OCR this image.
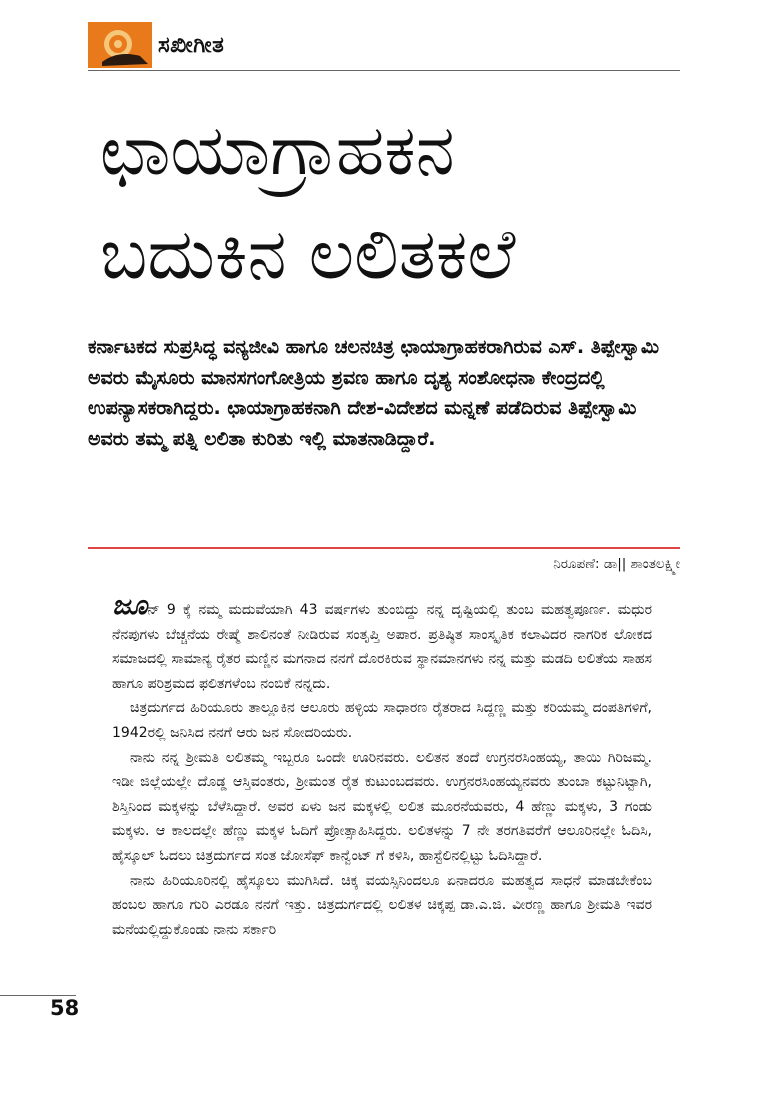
ಸಖೀಗೀತ
ಛಾಯಾಗ್ರಾಹಕನ
ಬದುಕಿನ ಲಲಿತಕಲೆ

ಕರ್ನಾಟಕದ ಸುಪ್ರಸಿದ್ಧ ವನ್ಯಜೀವಿ ಹಾಗೂ ಚಲನಚಿತ್ರ ಛಾಯಾಗ್ರಾಹಕರಾಗಿರುವ ಎಸ್. ತಿಪ್ಪೇಸ್ವಾಮಿ ಅವರು ಮೈಸೂರು ಮಾನಸಗಂಗೋತ್ರಿಯ ಶ್ರವಣ ಹಾಗೂ ದೃಶ್ಯ ಸಂಶೋಧನಾ ಕೇಂದ್ರದಲ್ಲಿ ಉಪನ್ಯಾಸಕರಾಗಿದ್ದರು. ಛಾಯಾಗ್ರಾಹಕನಾಗಿ ದೇಶ-ವಿದೇಶದ ಮನ್ನಣೆ ಪಡೆದಿರುವ ತಿಪ್ಪೇಸ್ವಾಮಿ ಅವರು ತಮ್ಮ ಪತ್ನಿ ಲಲಿತಾ ಕುರಿತು ಇಲ್ಲಿ ಮಾತನಾಡಿದ್ದಾರೆ.

ನಿರೂಪಣೆ: ಡಾ|| ಶಾಂತಲಕ್ಷ್ಮೀ

ಜೂನ್ 9 ಕ್ಕೆ ನಮ್ಮ ಮದುವೆಯಾಗಿ 43 ವರ್ಷಗಳು ತುಂಬಿದ್ದು ನನ್ನ ದೃಷ್ಟಿಯಲ್ಲಿ ತುಂಬ ಮಹತ್ವಪೂರ್ಣ. ಮಧುರ ನೆನಪುಗಳು ಬೆಚ್ಚನೆಯ ರೇಷ್ಮೆ ಶಾಲಿನಂತೆ ನೀಡಿರುವ ಸಂತೃಪ್ತಿ ಅಪಾರ. ಪ್ರತಿಷ್ಠಿತ ಸಾಂಸ್ಕೃತಿಕ ಕಲಾವಿದರ ನಾಗರಿಕ ಲೋಕದ ಸಮಾಜದಲ್ಲಿ ಸಾಮಾನ್ಯ ರೈತರ ಮಣ್ಣಿನ ಮಗನಾದ ನನಗೆ ದೊರಕಿರುವ ಸ್ಥಾನಮಾನಗಳು ನನ್ನ ಮತ್ತು ಮಡದಿ ಲಲಿತೆಯ ಸಾಹಸ ಹಾಗೂ ಪರಿಶ್ರಮದ ಫಲಿತಗಳೆಂಬ ನಂಬಿಕೆ ನನ್ನದು.

ಚಿತ್ರದುರ್ಗದ ಹಿರಿಯೂರು ತಾಲ್ಲೂಕಿನ ಆಲೂರು ಹಳ್ಳಿಯ ಸಾಧಾರಣ ರೈತರಾದ ಸಿದ್ದಣ್ಣ ಮತ್ತು ಕರಿಯಮ್ಮ ದಂಪತಿಗಳಿಗೆ, 1942ರಲ್ಲಿ ಜನಿಸಿದ ನನಗೆ ಆರು ಜನ ಸೋದರಿಯರು.

ನಾನು ನನ್ನ ಶ್ರೀಮತಿ ಲಲಿತಮ್ಮ ಇಬ್ಬರೂ ಒಂದೇ ಊರಿನವರು. ಲಲಿತನ ತಂದೆ ಉಗ್ರನರಸಿಂಹಯ್ಯ, ತಾಯಿ ಗಿರಿಜಮ್ಮ. ಇಡೀ ಜಿಲ್ಲೆಯಲ್ಲೇ ದೊಡ್ಡ ಆಸ್ತಿವಂತರು, ಶ್ರೀಮಂತ ರೈತ ಕುಟುಂಬದವರು. ಉಗ್ರನರಸಿಂಹಯ್ಯನವರು ತುಂಬಾ ಕಟ್ಟುನಿಟ್ಟಾಗಿ, ಶಿಸ್ತಿನಿಂದ ಮಕ್ಕಳನ್ನು ಬೆಳೆಸಿದ್ದಾರೆ. ಅವರ ಏಳು ಜನ ಮಕ್ಕಳಲ್ಲಿ ಲಲಿತ ಮೂರನೆಯವರು, 4 ಹೆಣ್ಣು ಮಕ್ಕಳು, 3 ಗಂಡು ಮಕ್ಕಳು. ಆ ಕಾಲದಲ್ಲೇ ಹೆಣ್ಣು ಮಕ್ಕಳ ಓದಿಗೆ ಪ್ರೋತ್ಸಾಹಿಸಿದ್ದರು. ಲಲಿತಳನ್ನು 7 ನೇ ತರಗತಿವರೆಗೆ ಆಲೂರಿನಲ್ಲೇ ಓದಿಸಿ, ಹೈಸ್ಕೂಲ್ ಓದಲು ಚಿತ್ರದುರ್ಗದ ಸಂತ ಜೋಸೆಫ್ ಕಾನ್ವೆಂಟ್ ಗೆ ಕಳಿಸಿ, ಹಾಸ್ಟೆಲಿನಲ್ಲಿಟ್ಟು ಓದಿಸಿದ್ದಾರೆ.

ನಾನು ಹಿರಿಯೂರಿನಲ್ಲಿ ಹೈಸ್ಕೂಲು ಮುಗಿಸಿದೆ. ಚಿಕ್ಕ ವಯಸ್ಸಿನಿಂದಲೂ ಏನಾದರೂ ಮಹತ್ವದ ಸಾಧನೆ ಮಾಡಬೇಕೆಂಬ ಹಂಬಲ ಹಾಗೂ ಗುರಿ ಎರಡೂ ನನಗೆ ಇತ್ತು. ಚಿತ್ರದುರ್ಗದಲ್ಲಿ ಲಲಿತಳ ಚಿಕ್ಕಪ್ಪ ಡಾ.ಎ.ಜಿ. ವೀರಣ್ಣ ಹಾಗೂ ಶ್ರೀಮತಿ ಇವರ ಮನೆಯಲ್ಲಿದ್ದುಕೊಂಡು ನಾನು ಸರ್ಕಾರಿ

58
